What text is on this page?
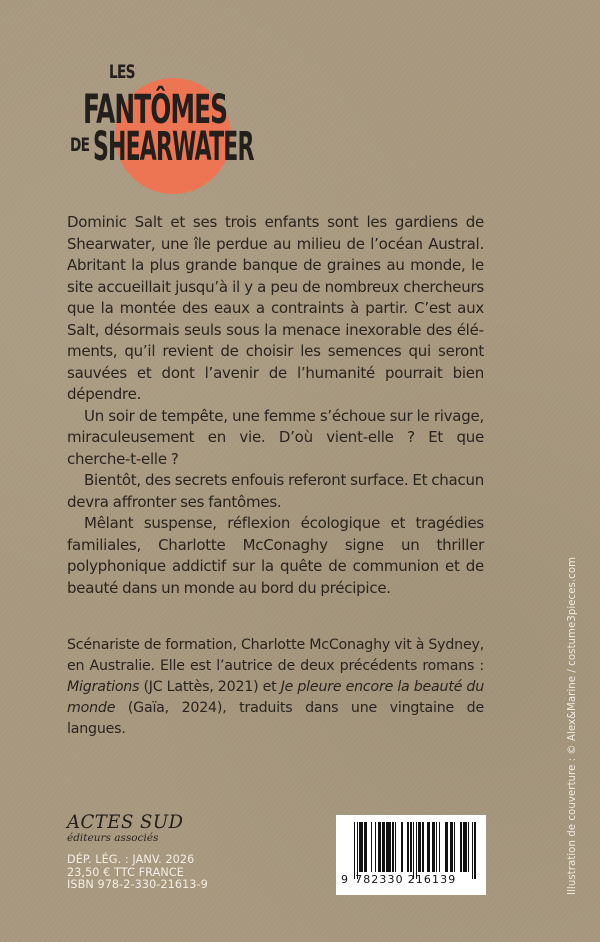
LES
FANTÔMES
DE SHEARWATER

Dominic Salt et ses trois enfants sont les gardiens de Shearwater, une île perdue au milieu de l’océan Austral. Abritant la plus grande banque de graines au monde, le site accueillait jusqu’à il y a peu de nombreux chercheurs que la montée des eaux a contraints à partir. C’est aux Salt, désormais seuls sous la menace inexorable des éléments, qu’il revient de choisir les semences qui seront sauvées et dont l’avenir de l’humanité pourrait bien dépendre.

Un soir de tempête, une femme s’échoue sur le rivage, miraculeusement en vie. D’où vient-elle ? Et que cherche-t-elle ?

Bientôt, des secrets enfouis referont surface. Et chacun devra affronter ses fantômes.

Mêlant suspense, réflexion écologique et tragédies familiales, Charlotte McConaghy signe un thriller polyphonique addictif sur la quête de communion et de beauté dans un monde au bord du précipice.

Scénariste de formation, Charlotte McConaghy vit à Sydney, en Australie. Elle est l’autrice de deux précédents romans : Migrations (JC Lattès, 2021) et Je pleure encore la beauté du monde (Gaïa, 2024), traduits dans une vingtaine de langues.

ACTES SUD
éditeurs associés
DÉP. LÉG. : JANV. 2026
23,50 € TTC FRANCE
ISBN 978-2-330-21613-9	9 782330 216139	Illustration de couverture : © Alex&Marine / costume3pieces.com
